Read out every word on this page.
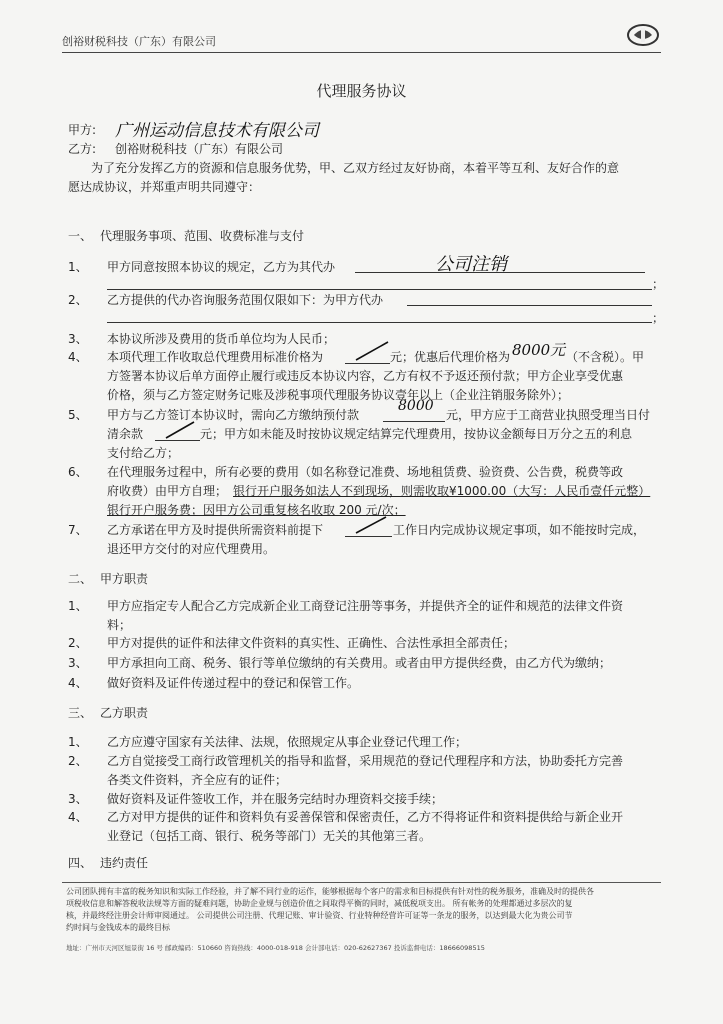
创裕财税科技（广东）有限公司
代理服务协议
甲方: 广州运动信息技术有限公司
乙方: 创裕财税科技（广东）有限公司
为了充分发挥乙方的资源和信息服务优势，甲、乙双方经过友好协商，本着平等互利、友好合作的意
愿达成协议，并郑重声明共同遵守：
一、 代理服务事项、范围、收费标准与支付
1、 甲方同意按照本协议的规定，乙方为其代办	公司注销
；
2、 乙方提供的代办咨询服务范围仅限如下：为甲方代办
；
3、 本协议所涉及费用的货币单位均为人民币；
4、 本项代理工作收取总代理费用标准价格为	元；优惠后代理价格为 8000元 （不含税）。甲
方签署本协议后单方面停止履行或违反本协议内容，乙方有权不予返还预付款；甲方企业享受优惠
价格，须与乙方签定财务记账及涉税事项代理服务协议壹年以上（企业注销服务除外）；
5、 甲方与乙方签订本协议时，需向乙方缴纳预付款
8000
元，甲方应于工商营业执照受理当日付
清余款	元；甲方如未能及时按协议规定结算完代理费用，按协议金额每日万分之五的利息
支付给乙方；
6、 在代理服务过程中，所有必要的费用（如名称登记准费、场地租赁费、验资费、公告费，税费等政
府收费）由甲方自理； 银行开户服务如法人不到现场，则需收取¥1000.00（大写：人民币壹仟元整）
银行开户服务费；因甲方公司重复核名收取 200 元/次；
7、 乙方承诺在甲方及时提供所需资料前提下	工作日内完成协议规定事项，如不能按时完成，
退还甲方交付的对应代理费用。
二、 甲方职责
1、 甲方应指定专人配合乙方完成新企业工商登记注册等事务，并提供齐全的证件和规范的法律文件资
料；
2、 甲方对提供的证件和法律文件资料的真实性、正确性、合法性承担全部责任；
3、 甲方承担向工商、税务、银行等单位缴纳的有关费用。或者由甲方提供经费，由乙方代为缴纳；
4、 做好资料及证件传递过程中的登记和保管工作。
三、 乙方职责
1、 乙方应遵守国家有关法律、法规，依照规定从事企业登记代理工作；
2、 乙方自觉接受工商行政管理机关的指导和监督，采用规范的登记代理程序和方法，协助委托方完善
各类文件资料，齐全应有的证件；
3、 做好资料及证件签收工作，并在服务完结时办理资料交接手续；
4、 乙方对甲方提供的证件和资料负有妥善保管和保密责任，乙方不得将证件和资料提供给与新企业开
业登记（包括工商、银行、税务等部门）无关的其他第三者。
四、 违约责任
公司团队拥有丰富的税务知识和实际工作经验，并了解不同行业的运作，能够根据每个客户的需求和目标提供有针对性的税务服务，准确及时的提供各
项税收信息和解答税收法规等方面的疑难问题，协助企业规与创造价值之间取得平衡的同时，减低税项支出。 所有帐务的处理都通过多层次的复
核，并最终经注册会计师审阅通过。 公司提供公司注册、代理记账、审计验资、行业特种经营许可证等一条龙的服务，以达到最大化为贵公司节
约时间与金钱成本的最终目标
地址：广州市天河区旭景街 16 号 邮政编码：510660 咨询热线：4000-018-918 会计部电话：020-62627367 投诉监督电话：18666098515
